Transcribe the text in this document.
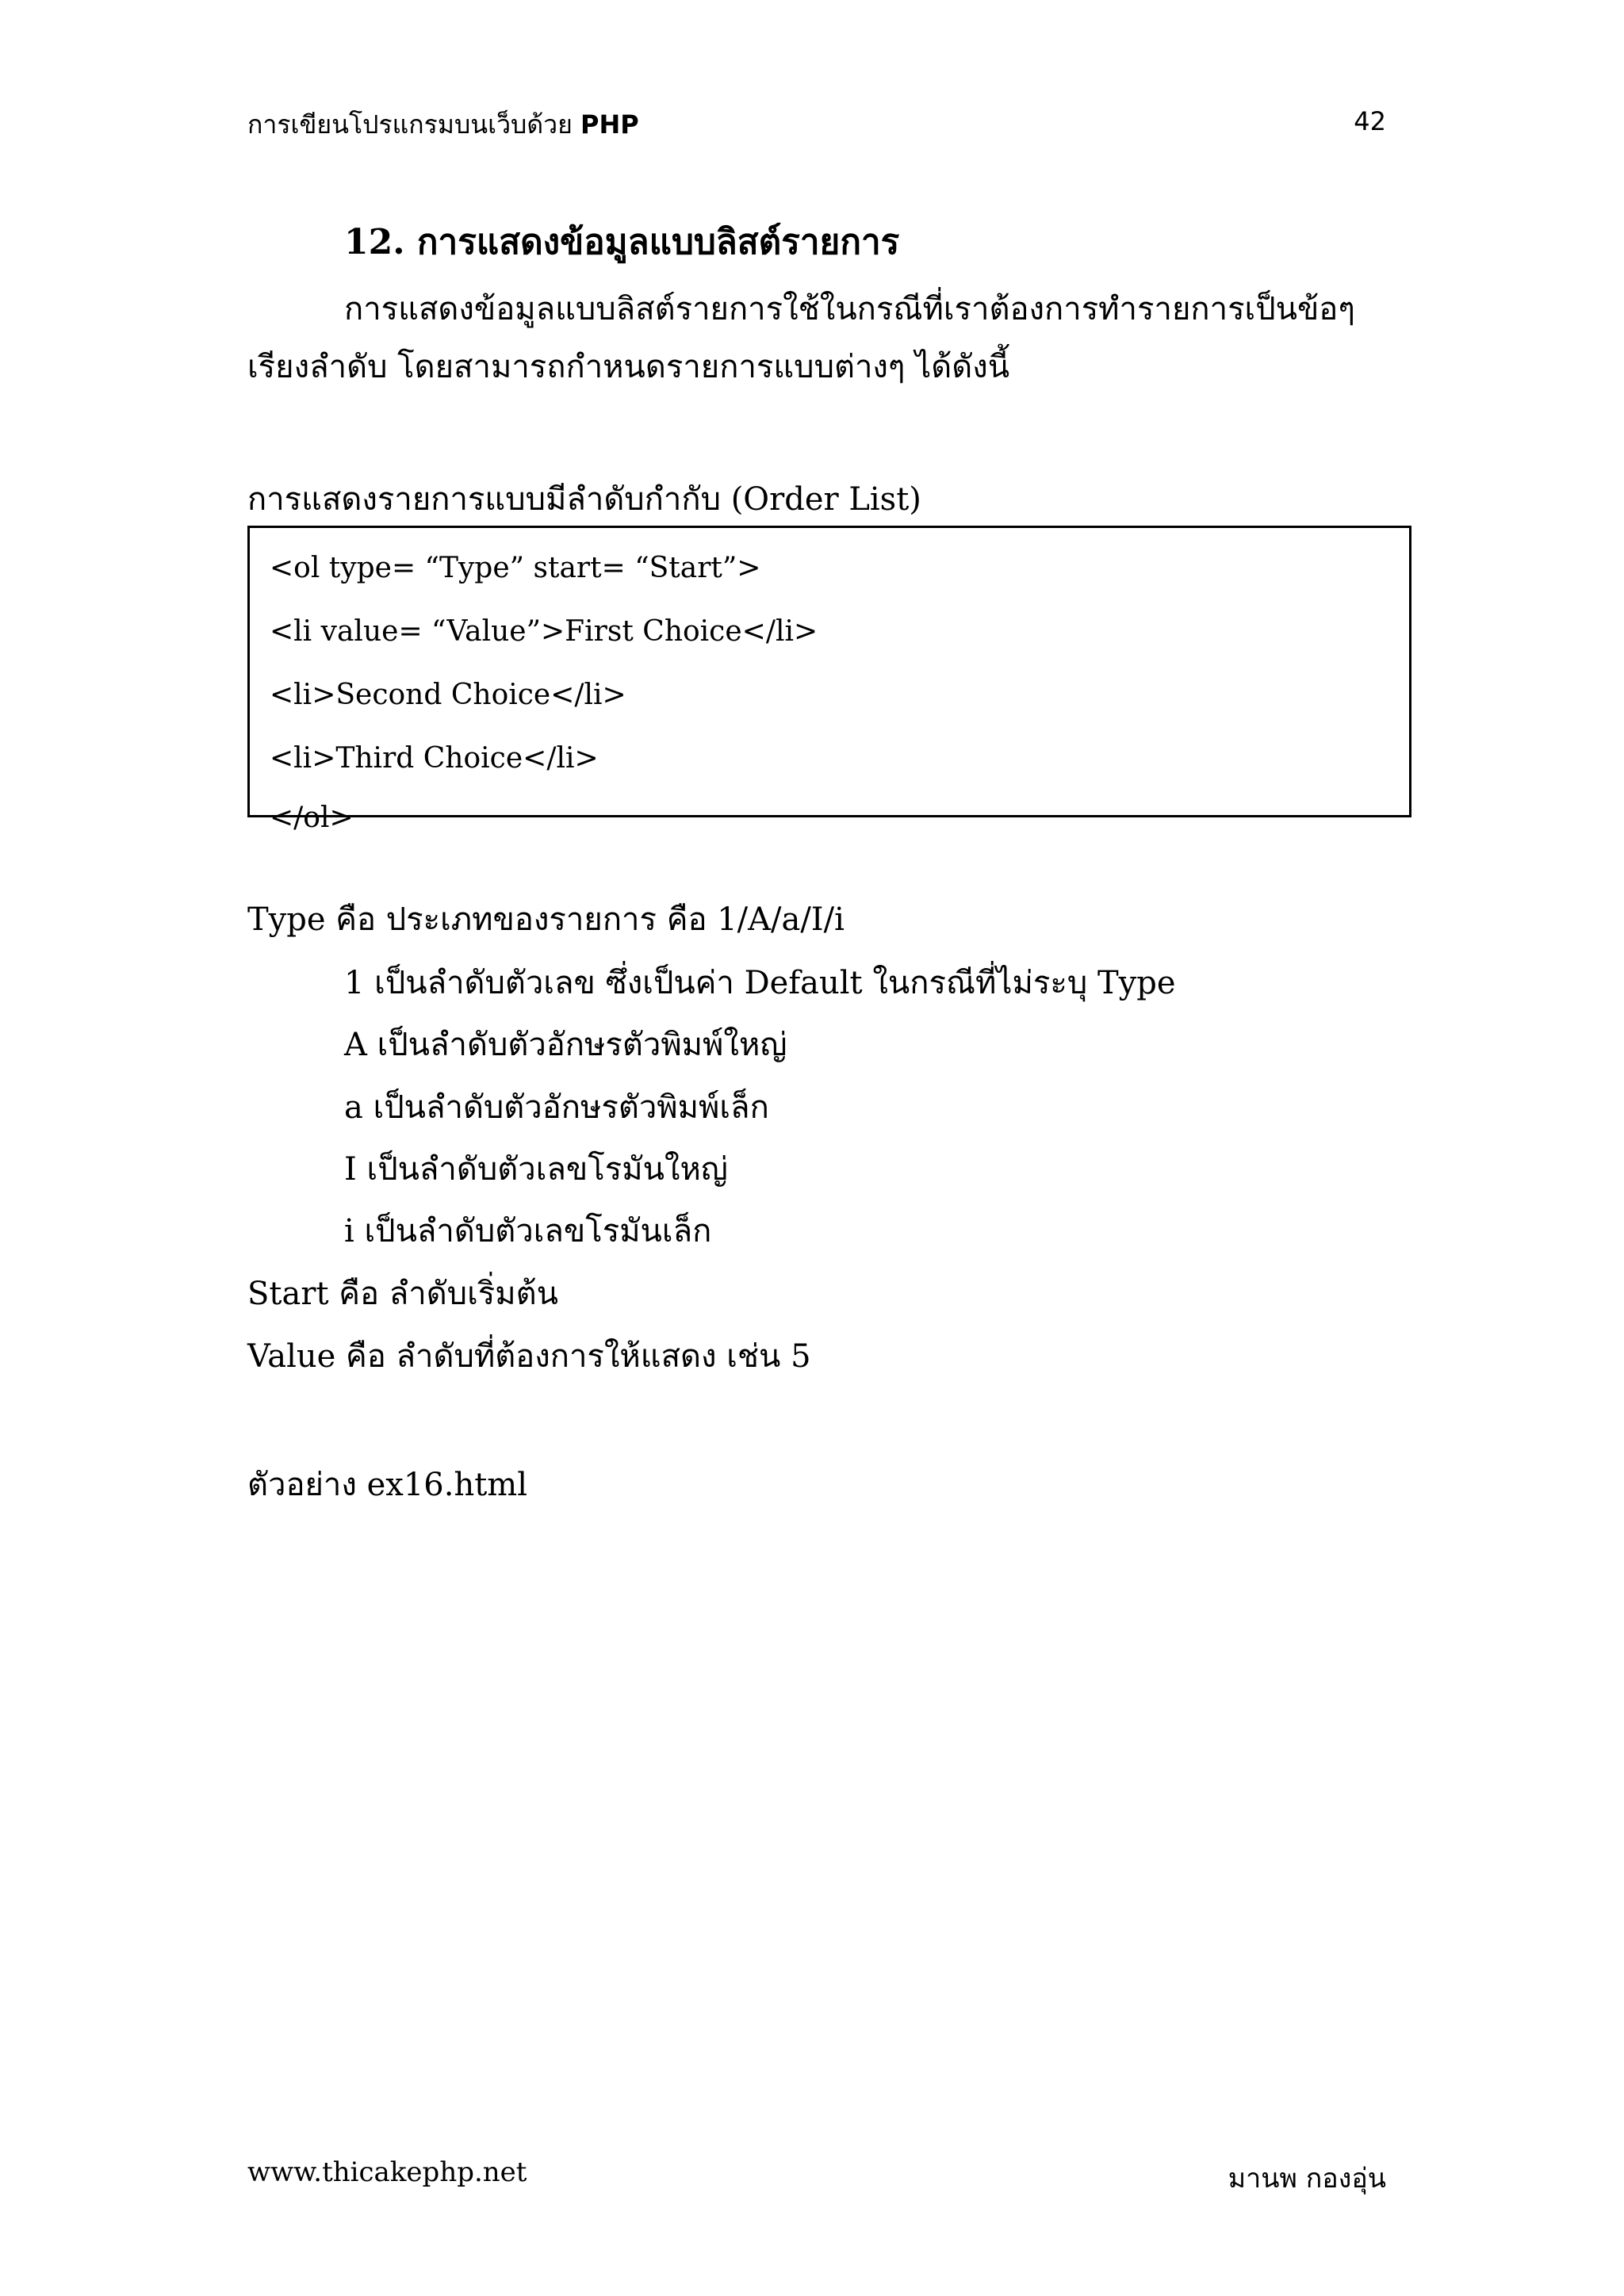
การเขียนโปรแกรมบนเว็บด้วย PHP	42
12. การแสดงข้อมูลแบบลิสต์รายการ
การแสดงข้อมูลแบบลิสต์รายการใช้ในกรณีที่เราต้องการทำรายการเป็นข้อๆ
เรียงลำดับ โดยสามารถกำหนดรายการแบบต่างๆ ได้ดังนี้
การแสดงรายการแบบมีลำดับกำกับ (Order List)
<ol type= “Type” start= “Start”>
<li value= “Value”>First Choice</li>
<li>Second Choice</li>
<li>Third Choice</li>
</ol>
Type คือ ประเภทของรายการ คือ 1/A/a/I/i
1 เป็นลำดับตัวเลข ซึ่งเป็นค่า Default ในกรณีที่ไม่ระบุ Type
A เป็นลำดับตัวอักษรตัวพิมพ์ใหญ่
a เป็นลำดับตัวอักษรตัวพิมพ์เล็ก
I เป็นลำดับตัวเลขโรมันใหญ่
i เป็นลำดับตัวเลขโรมันเล็ก
Start คือ ลำดับเริ่มต้น
Value คือ ลำดับที่ต้องการให้แสดง เช่น 5
ตัวอย่าง ex16.html
www.thicakephp.net	มานพ กองอุ่น
